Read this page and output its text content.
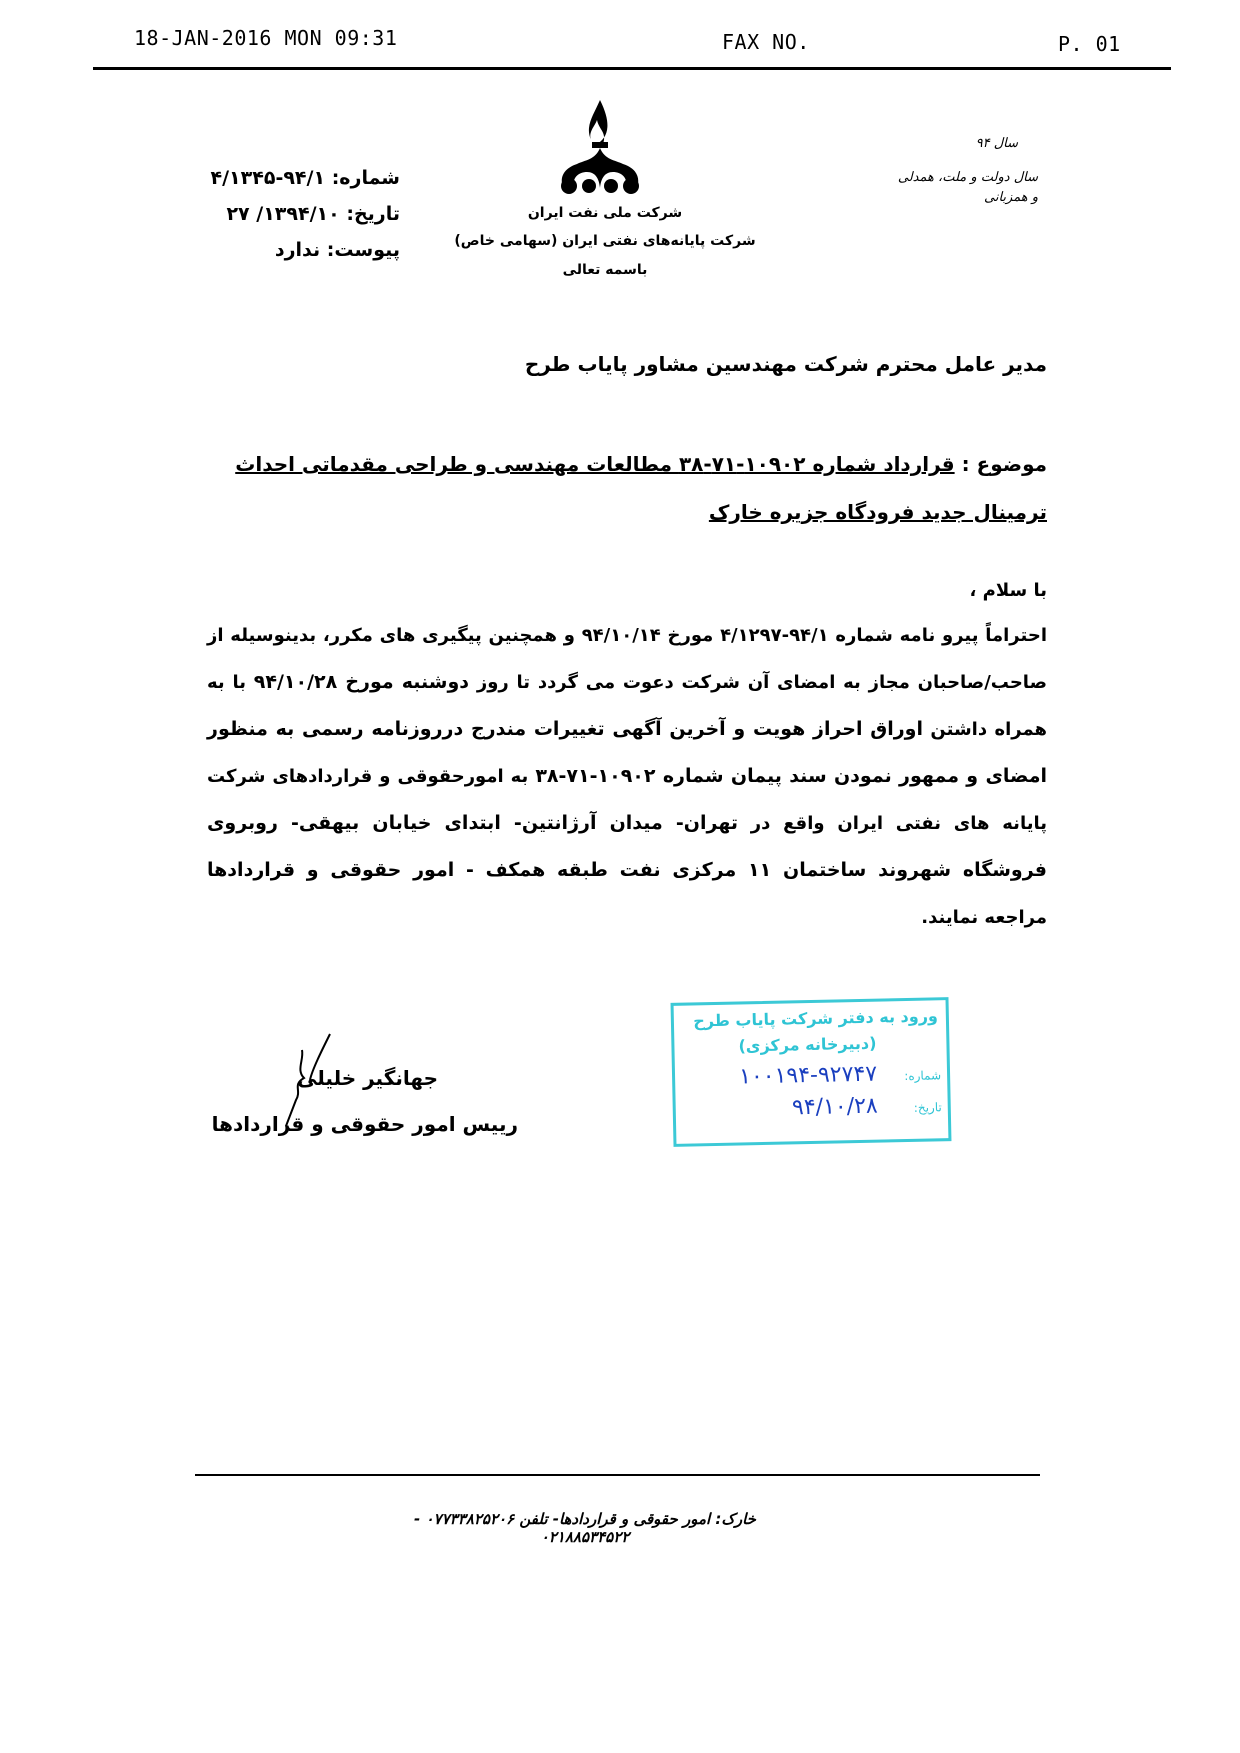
18-JAN-2016 MON 09:31	FAX NO.	P. 01
شرکت ملی نفت ایران
شرکت پایانه‌های نفتی ایران (سهامی خاص)
باسمه تعالی
شماره: ۹۴/۱-۴/۱۳۴۵
تاریخ: ۱۳۹۴/۱۰/ ۲۷
پیوست: ندارد
سال ۹۴
سال دولت و ملت، همدلی و همزبانی
مدیر عامل محترم شرکت مهندسین مشاور پایاب طرح
موضوع : قرارداد شماره ۱۰۹۰۲-۷۱-۳۸ مطالعات مهندسی و طراحی مقدماتی احداث ترمینال جدید فرودگاه جزیره خارک
با سلام ،
احتراماً پیرو نامه شماره ۹۴/۱-۴/۱۲۹۷ مورخ ۹۴/۱۰/۱۴ و همچنین پیگیری های مکرر، بدینوسیله از صاحب/صاحبان مجاز به امضای آن شرکت دعوت می گردد تا روز دوشنبه مورخ ۹۴/۱۰/۲۸ با به همراه داشتن اوراق احراز هویت و آخرین آگهی تغییرات مندرج درروزنامه رسمی به منظور امضای و ممهور نمودن سند پیمان شماره ۱۰۹۰۲-۷۱-۳۸ به امورحقوقی و قراردادهای شرکت پایانه های نفتی ایران واقع در تهران- میدان آرژانتین- ابتدای خیابان بیهقی- روبروی فروشگاه شهروند ساختمان ۱۱ مرکزی نفت طبقه همکف - امور حقوقی و قراردادها مراجعه نمایند.
جهانگیر خلیلی
رییس امور حقوقی و قراردادها
ورود به دفتر شرکت پایاب طرح
(دبیرخانه مرکزی)
شماره:
۱۰۰۱۹۴-۹۲۷۴۷
تاریخ:
۹۴/۱۰/۲۸
خارک: امور حقوقی و قراردادها- تلفن ۰۷۷۳۳۸۲۵۲۰۶ - ۰۲۱۸۸۵۳۴۵۲۲
